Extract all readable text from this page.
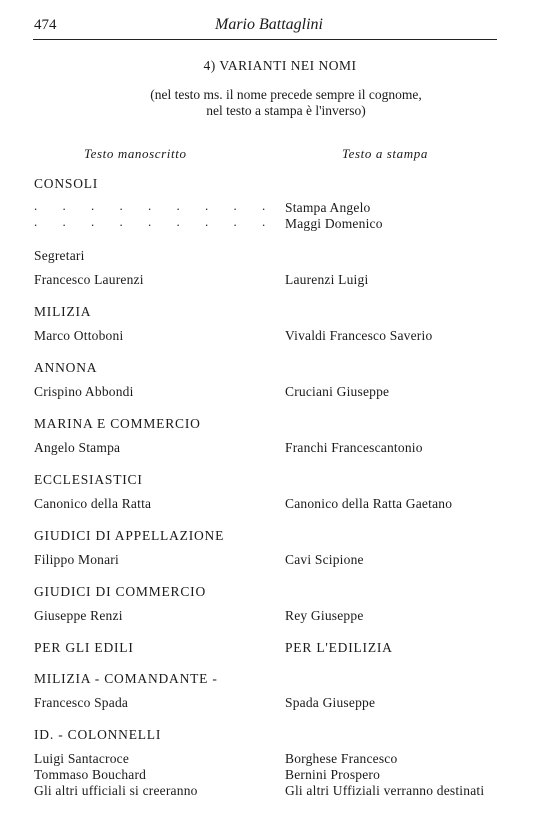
474	Mario Battaglini
4) VARIANTI NEI NOMI
(nel testo ms. il nome precede sempre il cognome,
nel testo a stampa è l'inverso)
Testo manoscritto	Testo a stampa
CONSOLI
. . . . . . . . .
. . . . . . . . .
Segretari
Francesco Laurenzi
MILIZIA
Marco Ottoboni
ANNONA
Crispino Abbondi
MARINA E COMMERCIO
Angelo Stampa
ECCLESIASTICI
Canonico della Ratta
GIUDICI DI APPELLAZIONE
Filippo Monari
GIUDICI DI COMMERCIO
Giuseppe Renzi
PER GLI EDILI
MILIZIA - COMANDANTE -
Francesco Spada
ID. - COLONNELLI
Luigi Santacroce
Tommaso Bouchard
Gli altri ufficiali si creeranno
Stampa Angelo
Maggi Domenico
Laurenzi Luigi
Vivaldi Francesco Saverio
Cruciani Giuseppe
Franchi Francescantonio
Canonico della Ratta Gaetano
Cavi Scipione
Rey Giuseppe
PER L'EDILIZIA
Spada Giuseppe
Borghese Francesco
Bernini Prospero
Gli altri Uffiziali verranno destinati
